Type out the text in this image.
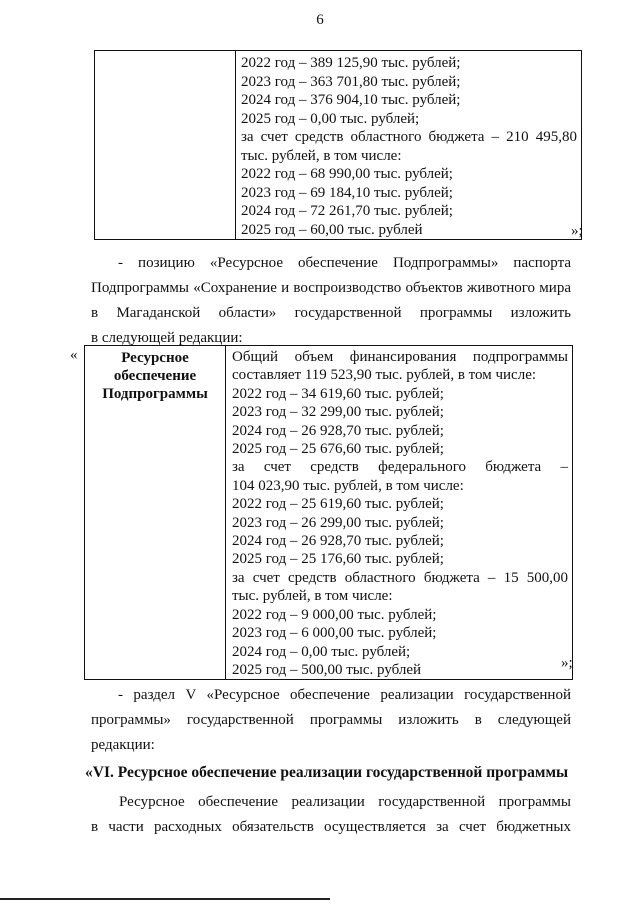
6

2022 год – 389 125,90 тыс. рублей;
2023 год – 363 701,80 тыс. рублей;
2024 год – 376 904,10 тыс. рублей;
2025 год – 0,00 тыс. рублей;
за счет средств областного бюджета – 210 495,80
тыс. рублей, в том числе:
2022 год – 68 990,00 тыс. рублей;
2023 год – 69 184,10 тыс. рублей;
2024 год – 72 261,70 тыс. рублей;
2025 год – 60,00 тыс. рублей	»;
- позицию «Ресурсное обеспечение Подпрограммы» паспорта
Подпрограммы «Сохранение и воспроизводство объектов животного мира
в Магаданской области» государственной программы изложить
в следующей редакции:
«	Ресурсное
обеспечение
Подпрограммы

Общий объем финансирования подпрограммы
составляет 119 523,90 тыс. рублей, в том числе:
2022 год – 34 619,60 тыс. рублей;
2023 год – 32 299,00 тыс. рублей;
2024 год – 26 928,70 тыс. рублей;
2025 год – 25 676,60 тыс. рублей;
за счет средств федерального бюджета –
104 023,90 тыс. рублей, в том числе:
2022 год – 25 619,60 тыс. рублей;
2023 год – 26 299,00 тыс. рублей;
2024 год – 26 928,70 тыс. рублей;
2025 год – 25 176,60 тыс. рублей;
за счет средств областного бюджета – 15 500,00
тыс. рублей, в том числе:
2022 год – 9 000,00 тыс. рублей;
2023 год – 6 000,00 тыс. рублей;
2024 год – 0,00 тыс. рублей;
2025 год – 500,00 тыс. рублей	»;
- раздел V «Ресурсное обеспечение реализации государственной
программы» государственной программы изложить в следующей
редакции:
«VI. Ресурсное обеспечение реализации государственной программы
Ресурсное обеспечение реализации государственной программы
в части расходных обязательств осуществляется за счет бюджетных
